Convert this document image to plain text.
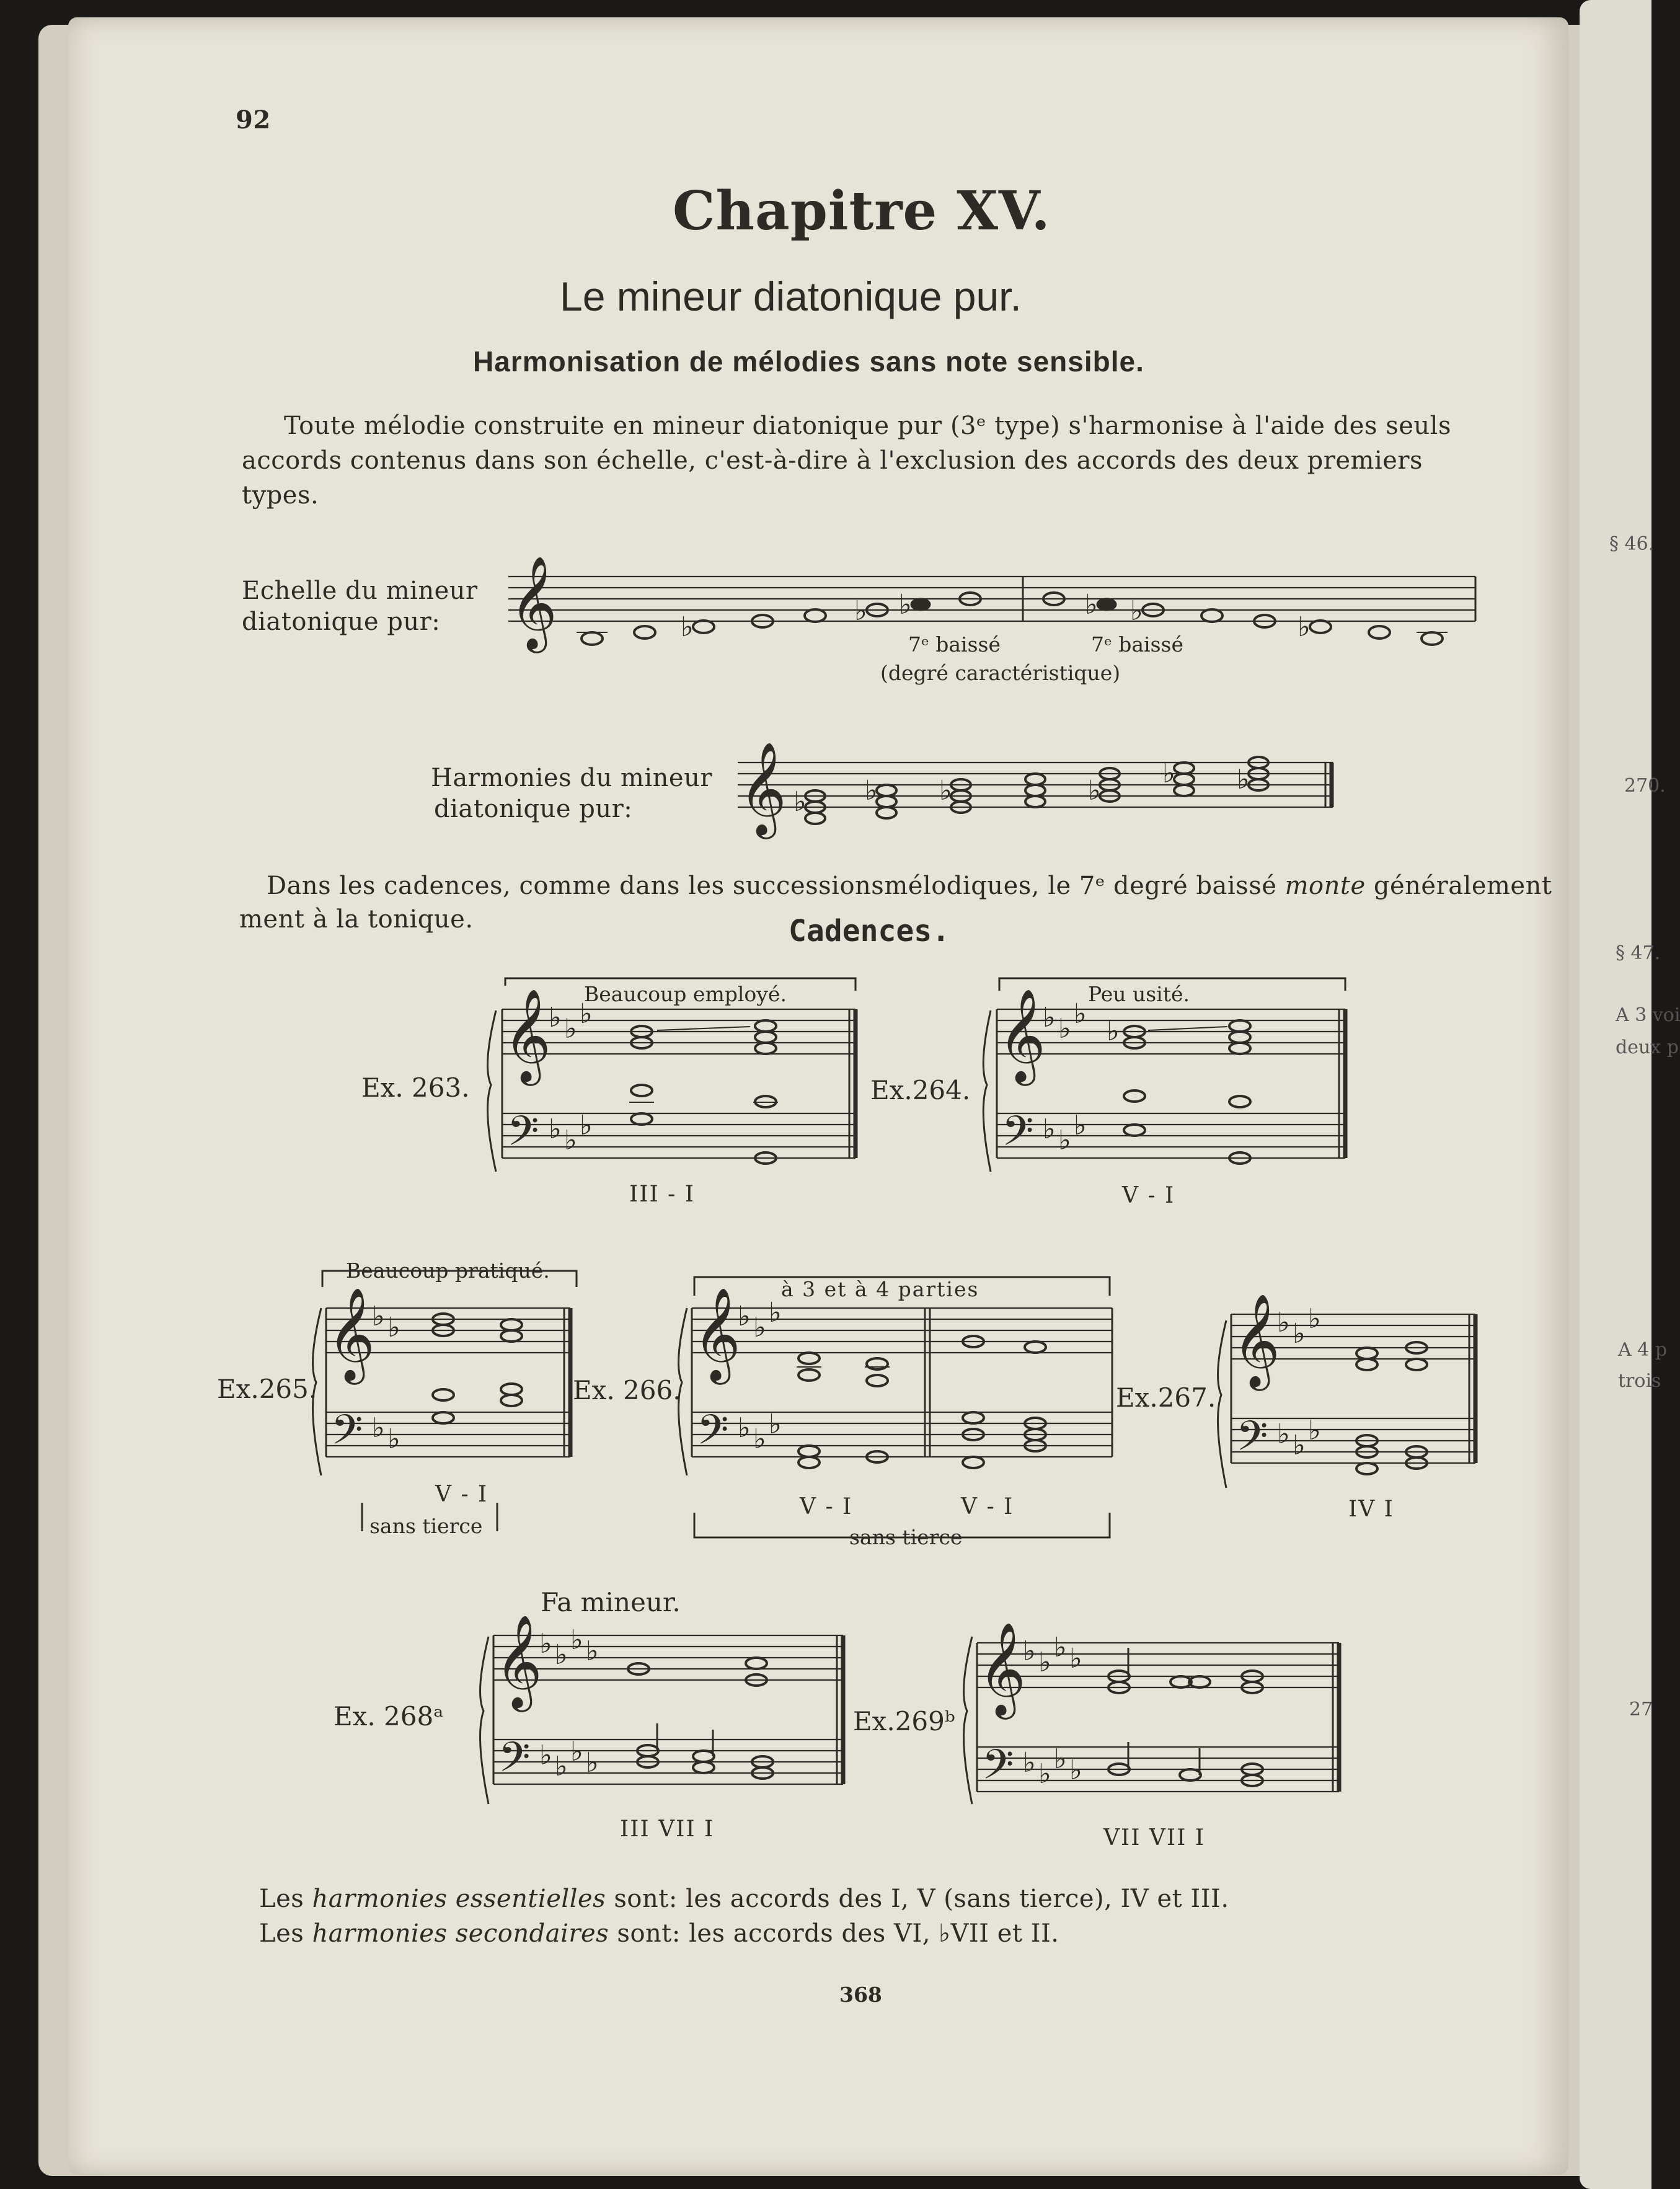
§ 46.
270.
§ 47.
A 3 voi
deux p
A 4 p
trois
27
92
Chapitre XV.
Le mineur diatonique pur.
Harmonisation de mélodies sans note sensible.
Toute mélodie construite en mineur diatonique pur (3ᵉ type) s'harmonise à l'aide des seuls
accords contenus dans son échelle, c'est-à-dire à l'exclusion des accords des deux premiers
types.
Echelle du mineur
diatonique pur: 𝄞	♭
♭ ♭	♭ ♭
♭
7ᵉ baissé	7ᵉ baissé
(degré caractéristique)
Harmonies du mineur
diatonique pur: 𝄞 ♭ ♭ ♭	♭
♭ ♭
Dans les cadences, comme dans les successionsmélodiques, le 7ᵉ degré baissé monte généralement
ment à la tonique.	Cadences.
Ex. 263.
𝄞
𝄢
♭ ♭ ♭
♭ ♭ ♭
Beaucoup employé.
III - I
Ex.264.
𝄞
𝄢
♭ ♭ ♭
♭ ♭ ♭
♭
Peu usité.
V - I
Ex.265.
𝄞
𝄢
♭ ♭
♭ ♭
Beaucoup pratiqué.
V - I
sans tierce
Ex. 266.
𝄞
𝄢
♭ ♭ ♭
♭ ♭ ♭
à 3 et à 4 parties
V - I	V - I
sans tierce
Ex.267.
𝄞
𝄢
♭ ♭ ♭
♭ ♭ ♭
IV I
Fa mineur.
Ex. 268ᵃ
𝄞
𝄢
♭ ♭ ♭ ♭
♭ ♭ ♭ ♭
III VII I
Ex.269ᵇ
𝄞
𝄢
♭ ♭ ♭ ♭
♭ ♭ ♭ ♭
VII VII I
Les harmonies essentielles sont: les accords des I, V (sans tierce), IV et III.
Les harmonies secondaires sont: les accords des VI, ♭VII et II.
368
